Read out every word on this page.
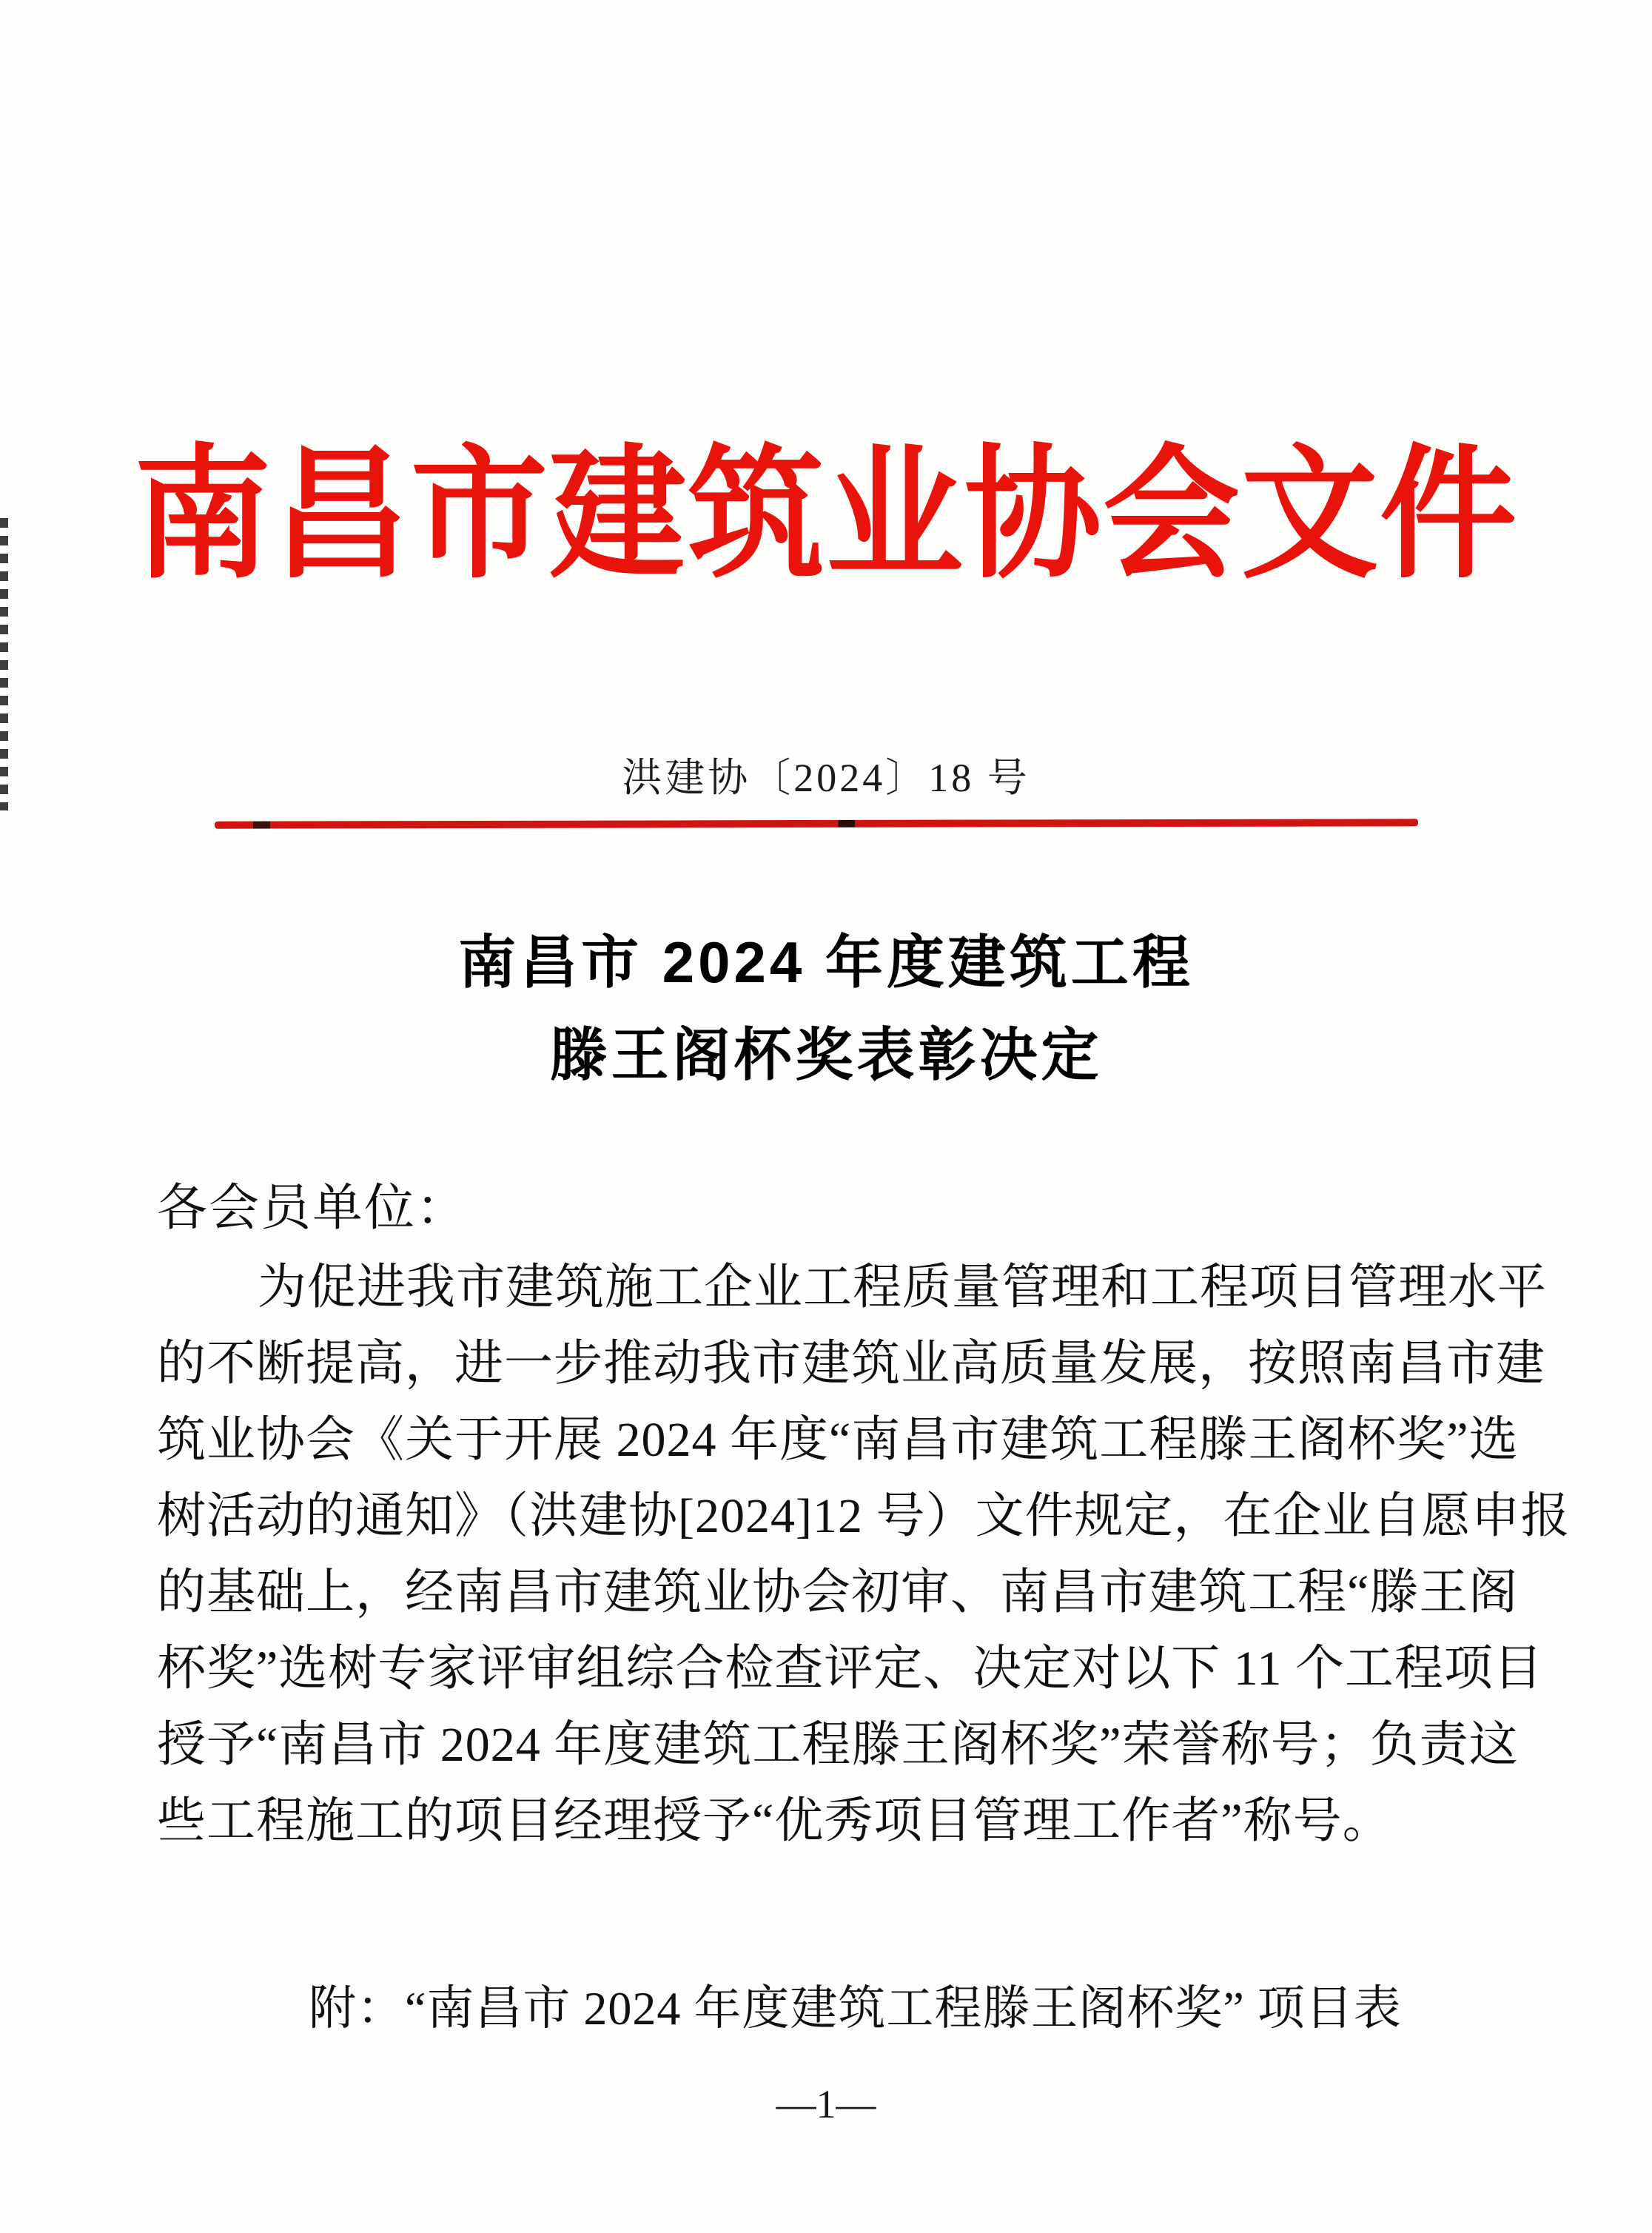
南昌市建筑业协会文件
洪建协〔2024〕18 号
南昌市 2024 年度建筑工程
滕王阁杯奖表彰决定
各会员单位：
为促进我市建筑施工企业工程质量管理和工程项目管理水平
的不断提高，进一步推动我市建筑业高质量发展，按照南昌市建
筑业协会《关于开展 2024 年度“南昌市建筑工程滕王阁杯奖”选
树活动的通知》（洪建协[2024]12 号）文件规定，在企业自愿申报
的基础上，经南昌市建筑业协会初审、南昌市建筑工程“滕王阁
杯奖”选树专家评审组综合检查评定、决定对以下 11 个工程项目
授予“南昌市 2024 年度建筑工程滕王阁杯奖”荣誉称号；负责这
些工程施工的项目经理授予“优秀项目管理工作者”称号。
附：“南昌市 2024 年度建筑工程滕王阁杯奖” 项目表
—1—
